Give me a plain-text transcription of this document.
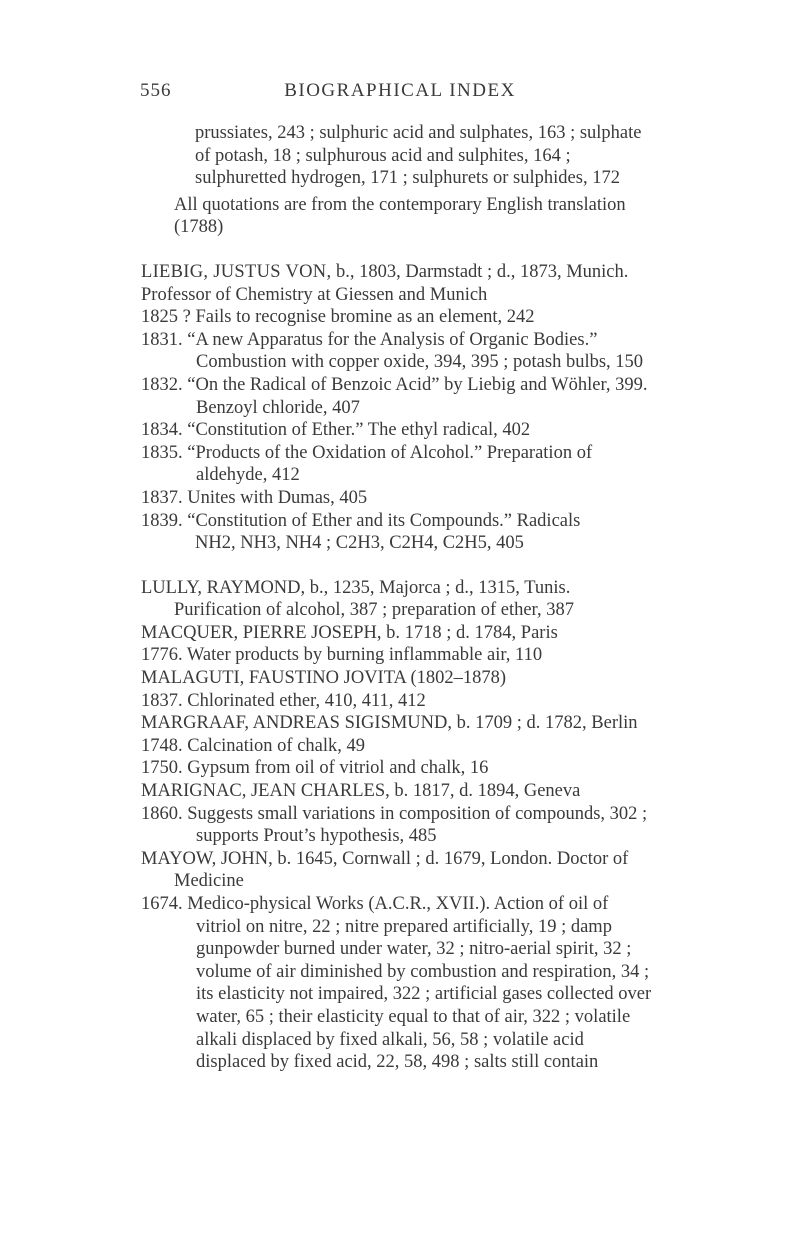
556	BIOGRAPHICAL INDEX
prussiates, 243 ; sulphuric acid and sulphates, 163 ; sulphate of potash, 18 ; sulphurous acid and sulphites, 164 ; sulphuretted hydrogen, 171 ; sulphurets or sulphides, 172
All quotations are from the contemporary English translation (1788)
LIEBIG, JUSTUS VON, b., 1803, Darmstadt ; d., 1873, Munich.
Professor of Chemistry at Giessen and Munich
1825 ? Fails to recognise bromine as an element, 242
1831. “A new Apparatus for the Analysis of Organic Bodies.” Combustion with copper oxide, 394, 395 ; potash bulbs, 150
1832. “On the Radical of Benzoic Acid” by Liebig and Wöhler, 399. Benzoyl chloride, 407
1834. “Constitution of Ether.” The ethyl radical, 402
1835. “Products of the Oxidation of Alcohol.” Preparation of aldehyde, 412
1837. Unites with Dumas, 405
1839. “Constitution of Ether and its Compounds.” Radicals
NH2, NH3, NH4 ; C2H3, C2H4, C2H5, 405
LULLY, RAYMOND, b., 1235, Majorca ; d., 1315, Tunis. Purification of alcohol, 387 ; preparation of ether, 387
MACQUER, PIERRE JOSEPH, b. 1718 ; d. 1784, Paris
1776. Water products by burning inflammable air, 110
MALAGUTI, FAUSTINO JOVITA (1802–1878)
1837. Chlorinated ether, 410, 411, 412
MARGRAAF, ANDREAS SIGISMUND, b. 1709 ; d. 1782, Berlin
1748. Calcination of chalk, 49
1750. Gypsum from oil of vitriol and chalk, 16
MARIGNAC, JEAN CHARLES, b. 1817, d. 1894, Geneva
1860. Suggests small variations in composition of compounds, 302 ; supports Prout’s hypothesis, 485
MAYOW, JOHN, b. 1645, Cornwall ; d. 1679, London. Doctor of Medicine
1674. Medico-physical Works (A.C.R., XVII.). Action of oil of vitriol on nitre, 22 ; nitre prepared artificially, 19 ; damp gunpowder burned under water, 32 ; nitro-aerial spirit, 32 ; volume of air diminished by combustion and respiration, 34 ; its elasticity not impaired, 322 ; artificial gases collected over water, 65 ; their elasticity equal to that of air, 322 ; volatile alkali displaced by fixed alkali, 56, 58 ; volatile acid displaced by fixed acid, 22, 58, 498 ; salts still contain
